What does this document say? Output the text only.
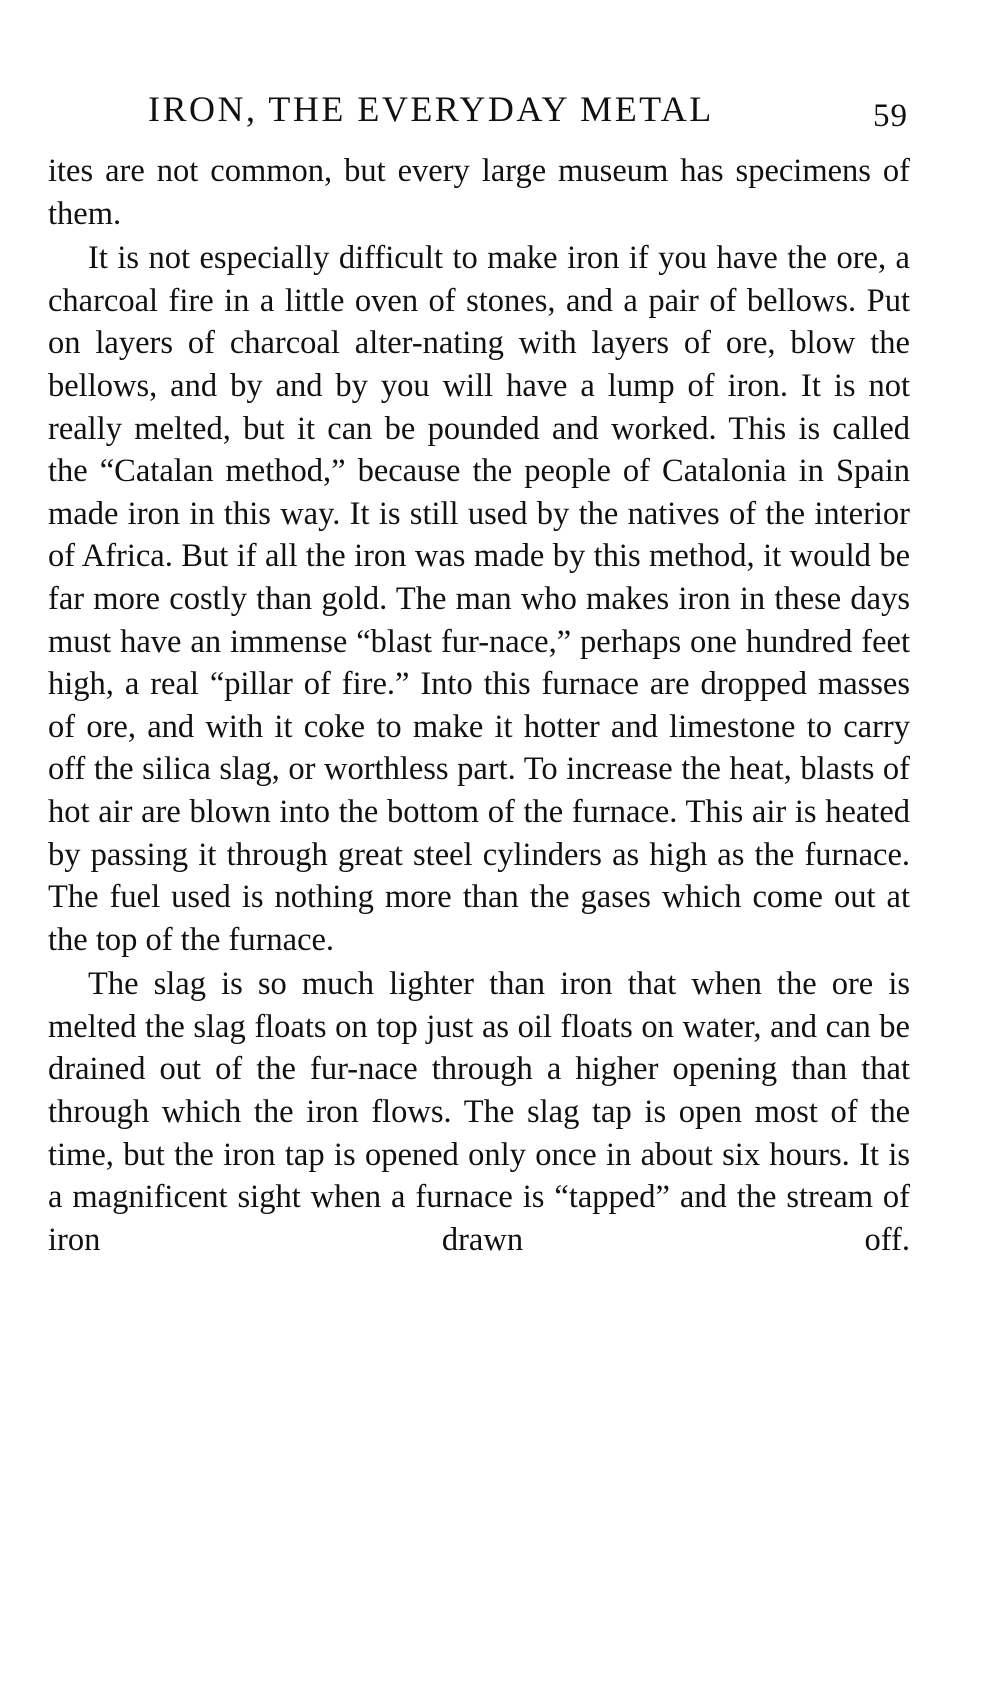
IRON, THE EVERYDAY METAL	59

ites are not common, but every large museum has specimens of them.

It is not especially difficult to make iron if you have the ore, a charcoal fire in a little oven of stones, and a pair of bellows. Put on layers of charcoal alter-nating with layers of ore, blow the bellows, and by and by you will have a lump of iron. It is not really melted, but it can be pounded and worked. This is called the “Catalan method,” because the people of Catalonia in Spain made iron in this way. It is still used by the natives of the interior of Africa. But if all the iron was made by this method, it would be far more costly than gold. The man who makes iron in these days must have an immense “blast fur-nace,” perhaps one hundred feet high, a real “pillar of fire.” Into this furnace are dropped masses of ore, and with it coke to make it hotter and limestone to carry off the silica slag, or worthless part. To increase the heat, blasts of hot air are blown into the bottom of the furnace. This air is heated by passing it through great steel cylinders as high as the furnace. The fuel used is nothing more than the gases which come out at the top of the furnace.

The slag is so much lighter than iron that when the ore is melted the slag floats on top just as oil floats on water, and can be drained out of the fur-nace through a higher opening than that through which the iron flows. The slag tap is open most of the time, but the iron tap is opened only once in about six hours. It is a magnificent sight when a furnace is “tapped” and the stream of iron drawn off.
